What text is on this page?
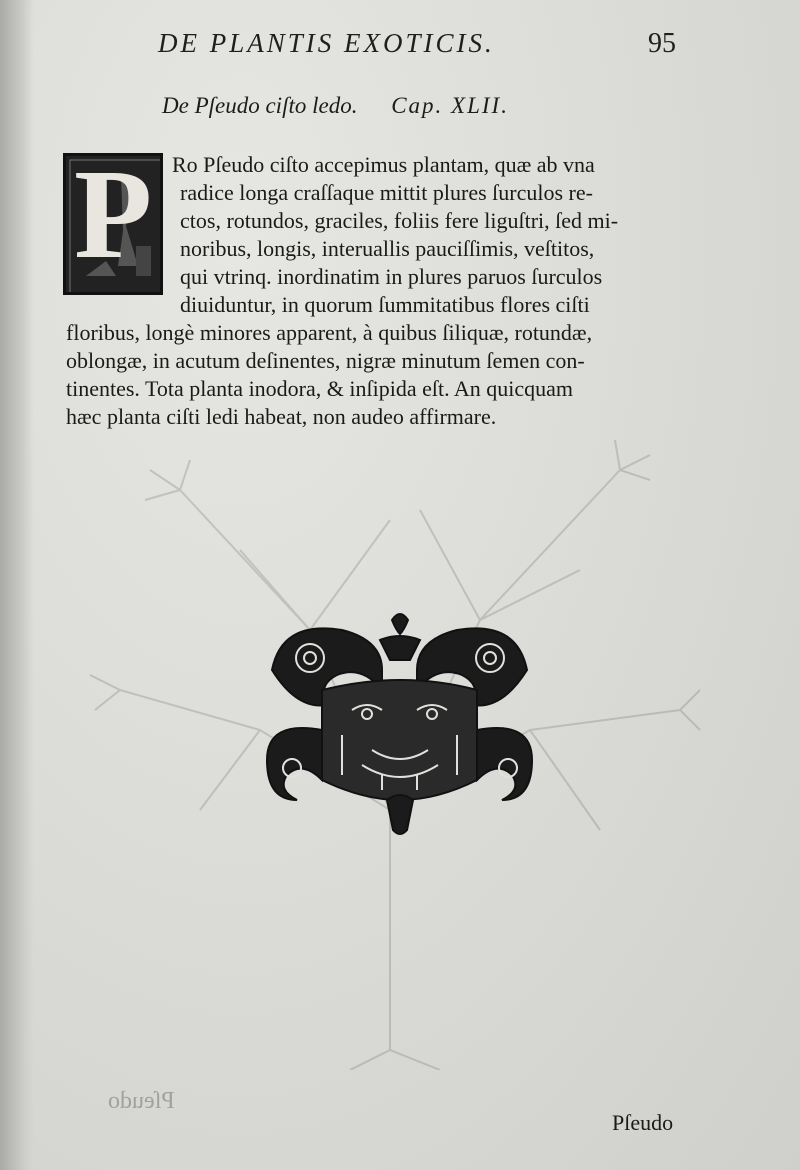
DE PLANTIS EXOTICIS.	95
De Pſeudo ciſto ledo. Cap. XLII.
P Ro Pſeudo ciſto accepimus plantam, quæ ab vna
radice longa craſſaque mittit plures ſurculos re-
ctos, rotundos, graciles, foliis fere liguſtri, ſed mi-
noribus, longis, interuallis pauciſſimis, veſtitos,
qui vtrinq. inordinatim in plures paruos ſurculos
diuiduntur, in quorum ſummitatibus flores ciſti
floribus, longè minores apparent, à quibus ſiliquæ, rotundæ,
oblongæ, in acutum deſinentes, nigræ minutum ſemen con-
tinentes. Tota planta inodora, & inſipida eſt. An quicquam
hæc planta ciſti ledi habeat, non audeo affirmare.
Pſeudo
Pſeudo
